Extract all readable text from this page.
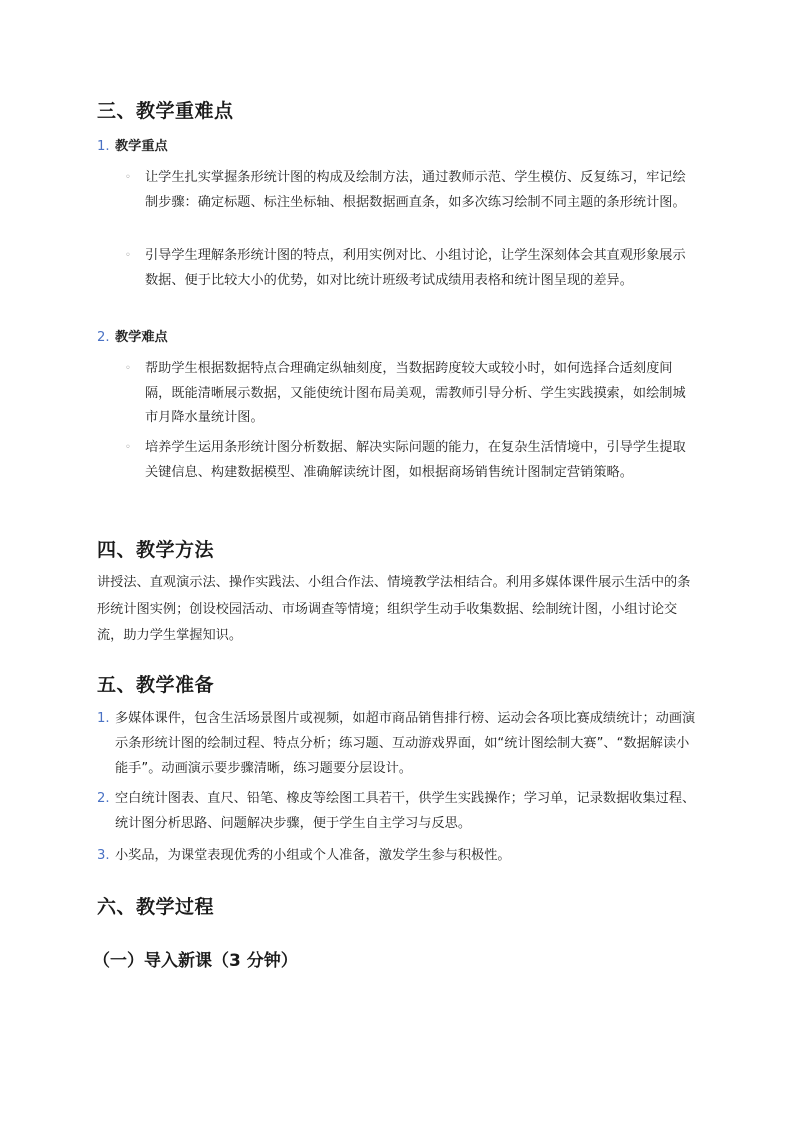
三、教学重难点
1. 教学重点
◦ 让学生扎实掌握条形统计图的构成及绘制方法，通过教师示范、学生模仿、反复练习，牢记绘制步骤：确定标题、标注坐标轴、根据数据画直条，如多次练习绘制不同主题的条形统计图。
◦ 引导学生理解条形统计图的特点，利用实例对比、小组讨论，让学生深刻体会其直观形象展示数据、便于比较大小的优势，如对比统计班级考试成绩用表格和统计图呈现的差异。
2. 教学难点
◦ 帮助学生根据数据特点合理确定纵轴刻度，当数据跨度较大或较小时，如何选择合适刻度间隔，既能清晰展示数据，又能使统计图布局美观，需教师引导分析、学生实践摸索，如绘制城市月降水量统计图。
◦ 培养学生运用条形统计图分析数据、解决实际问题的能力，在复杂生活情境中，引导学生提取关键信息、构建数据模型、准确解读统计图，如根据商场销售统计图制定营销策略。
四、教学方法

讲授法、直观演示法、操作实践法、小组合作法、情境教学法相结合。利用多媒体课件展示生活中的条形统计图实例；创设校园活动、市场调查等情境；组织学生动手收集数据、绘制统计图，小组讨论交流，助力学生掌握知识。

五、教学准备
1. 多媒体课件，包含生活场景图片或视频，如超市商品销售排行榜、运动会各项比赛成绩统计；动画演示条形统计图的绘制过程、特点分析；练习题、互动游戏界面，如“统计图绘制大赛”、“数据解读小能手”。动画演示要步骤清晰，练习题要分层设计。
2. 空白统计图表、直尺、铅笔、橡皮等绘图工具若干，供学生实践操作；学习单，记录数据收集过程、统计图分析思路、问题解决步骤，便于学生自主学习与反思。
3. 小奖品，为课堂表现优秀的小组或个人准备，激发学生参与积极性。
六、教学过程
（一）导入新课（3 分钟）
